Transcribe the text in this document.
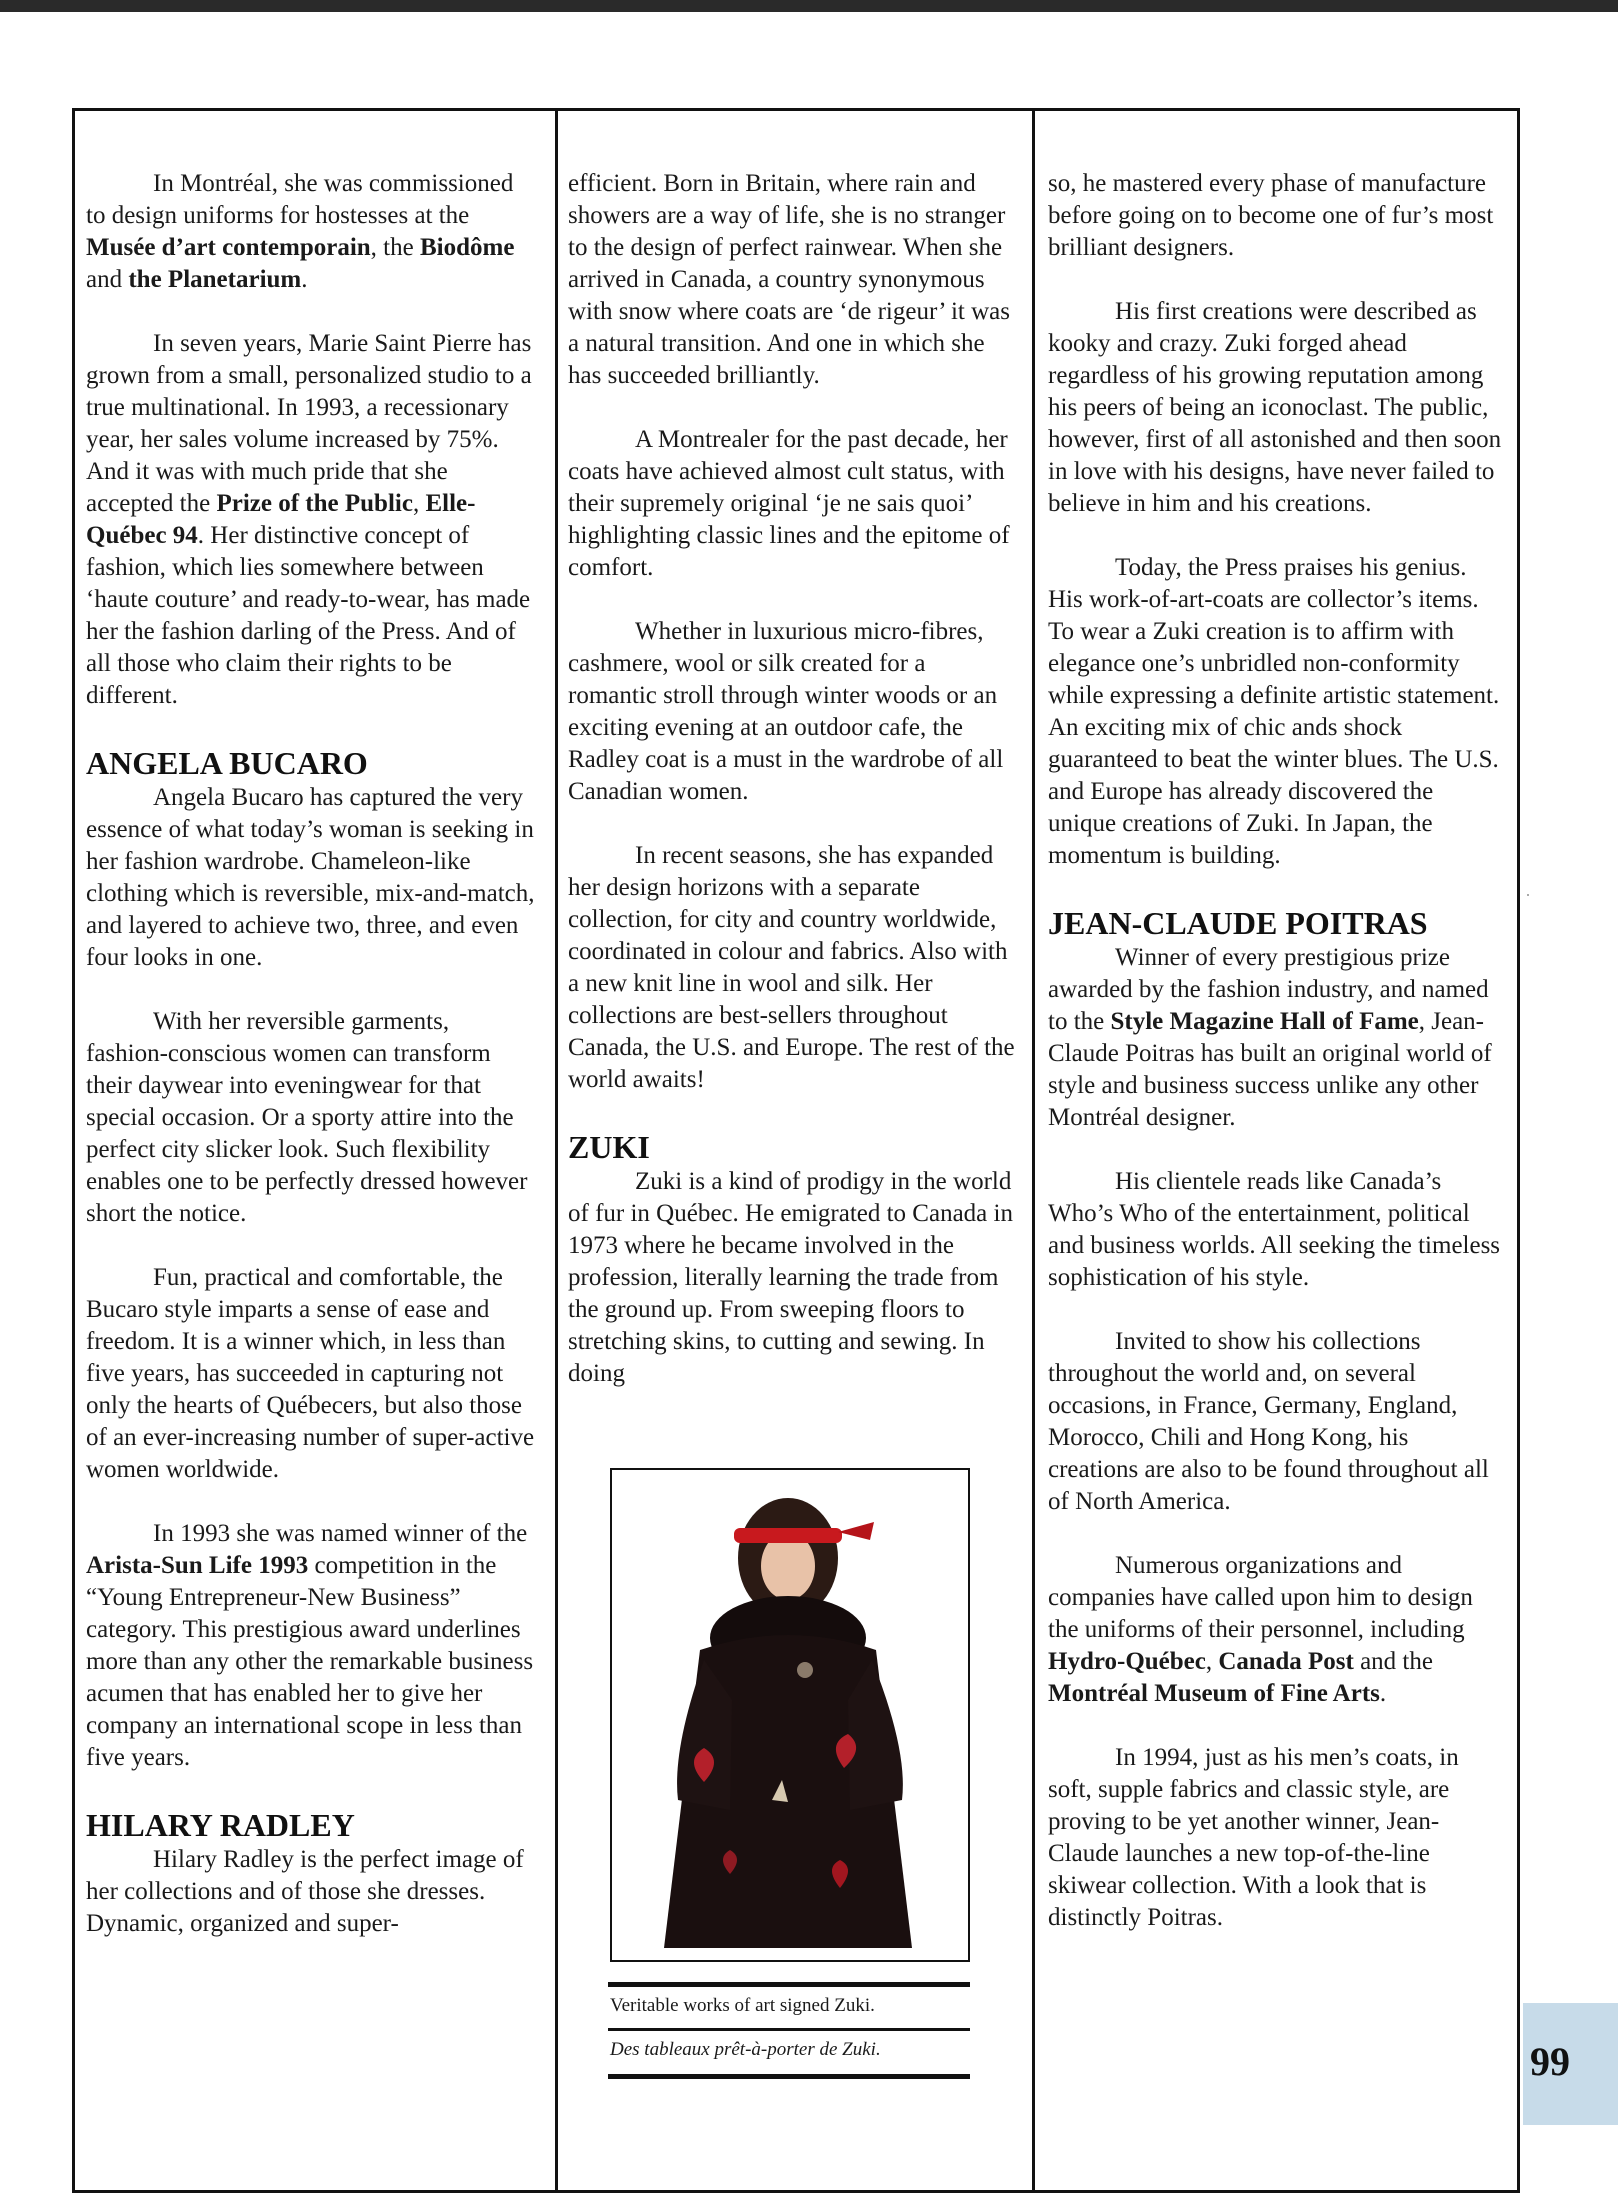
In Montréal, she was commissioned to design uniforms for hostesses at the Musée d’art contemporain, the Biodôme and the Planetarium.

In seven years, Marie Saint Pierre has grown from a small, personalized studio to a true multinational. In 1993, a recessionary year, her sales volume increased by 75%. And it was with much pride that she accepted the Prize of the Public, Elle-Québec 94. Her distinctive concept of fashion, which lies somewhere between ‘haute couture’ and ready-to-wear, has made her the fashion darling of the Press. And of all those who claim their rights to be different.

ANGELA BUCARO

Angela Bucaro has captured the very essence of what today’s woman is seeking in her fashion wardrobe. Chameleon-like clothing which is reversible, mix-and-match, and layered to achieve two, three, and even four looks in one.

With her reversible garments, fashion-conscious women can transform their daywear into eveningwear for that special occasion. Or a sporty attire into the perfect city slicker look. Such flexibility enables one to be perfectly dressed however short the notice.

Fun, practical and comfortable, the Bucaro style imparts a sense of ease and freedom. It is a winner which, in less than five years, has succeeded in capturing not only the hearts of Québecers, but also those of an ever-increasing number of super-active women worldwide.

In 1993 she was named winner of the Arista-Sun Life 1993 competition in the “Young Entrepreneur-New Business” category. This prestigious award underlines more than any other the remarkable business acumen that has enabled her to give her company an international scope in less than five years.

HILARY RADLEY

Hilary Radley is the perfect image of her collections and of those she dresses. Dynamic, organized and super-

efficient. Born in Britain, where rain and showers are a way of life, she is no stranger to the design of perfect rainwear. When she arrived in Canada, a country synonymous with snow where coats are ‘de rigeur’ it was a natural transition. And one in which she has succeeded brilliantly.

A Montrealer for the past decade, her coats have achieved almost cult status, with their supremely original ‘je ne sais quoi’ highlighting classic lines and the epitome of comfort.

Whether in luxurious micro-fibres, cashmere, wool or silk created for a romantic stroll through winter woods or an exciting evening at an outdoor cafe, the Radley coat is a must in the wardrobe of all Canadian women.

In recent seasons, she has expanded her design horizons with a separate collection, for city and country worldwide, coordinated in colour and fabrics. Also with a new knit line in wool and silk. Her collections are best-sellers throughout Canada, the U.S. and Europe. The rest of the world awaits!

ZUKI

Zuki is a kind of prodigy in the world of fur in Québec. He emigrated to Canada in 1973 where he became involved in the profession, literally learning the trade from the ground up. From sweeping floors to stretching skins, to cutting and sewing. In doing

Veritable works of art signed Zuki.
Des tableaux prêt-à-porter de Zuki.

so, he mastered every phase of manufacture before going on to become one of fur’s most brilliant designers.

His first creations were described as kooky and crazy. Zuki forged ahead regardless of his growing reputation among his peers of being an iconoclast. The public, however, first of all astonished and then soon in love with his designs, have never failed to believe in him and his creations.

Today, the Press praises his genius. His work-of-art-coats are collector’s items. To wear a Zuki creation is to affirm with elegance one’s unbridled non-conformity while expressing a definite artistic statement. An exciting mix of chic ands shock guaranteed to beat the winter blues. The U.S. and Europe has already discovered the unique creations of Zuki. In Japan, the momentum is building.

JEAN-CLAUDE POITRAS

Winner of every prestigious prize awarded by the fashion industry, and named to the Style Magazine Hall of Fame, Jean-Claude Poitras has built an original world of style and business success unlike any other Montréal designer.

His clientele reads like Canada’s Who’s Who of the entertainment, political and business worlds. All seeking the timeless sophistication of his style.

Invited to show his collections throughout the world and, on several occasions, in France, Germany, England, Morocco, Chili and Hong Kong, his creations are also to be found throughout all of North America.

Numerous organizations and companies have called upon him to design the uniforms of their personnel, including Hydro-Québec, Canada Post and the Montréal Museum of Fine Arts.

In 1994, just as his men’s coats, in soft, supple fabrics and classic style, are proving to be yet another winner, Jean-Claude launches a new top-of-the-line skiwear collection. With a look that is distinctly Poitras.

99
